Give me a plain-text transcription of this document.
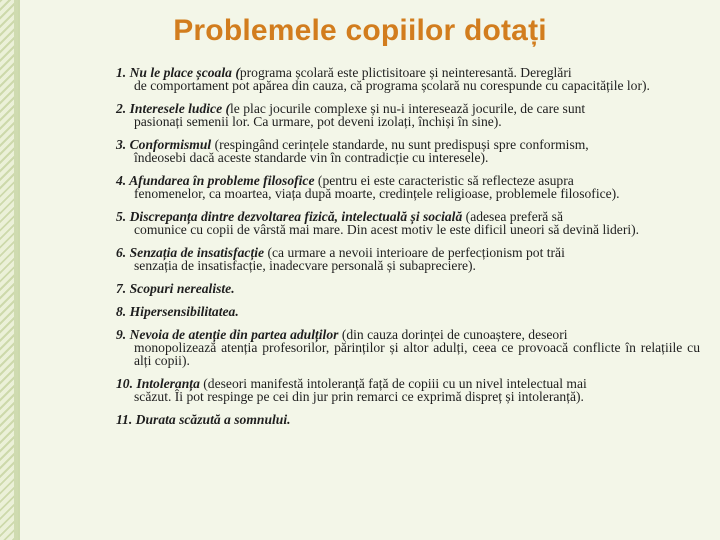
Problemele copiilor dotați
1. Nu le place școala (programa școlară este plictisitoare și neinteresantă. Dereglări
de comportament pot apărea din cauza, că programa școlară nu corespunde cu capacitățile lor).
2. Interesele ludice (le plac jocurile complexe și nu-i interesează jocurile, de care sunt
pasionați semenii lor. Ca urmare, pot deveni izolați, închiși în sine).
3. Conformismul (respingând cerințele standarde, nu sunt predispuși spre conformism,
îndeosebi dacă aceste standarde vin în contradicție cu interesele).
4. Afundarea în probleme filosofice (pentru ei este caracteristic să reflecteze asupra
fenomenelor, ca moartea, viața după moarte, credințele religioase, problemele filosofice).
5. Discrepanța dintre dezvoltarea fizică, intelectuală și socială (adesea preferă să
comunice cu copii de vârstă mai mare. Din acest motiv le este dificil uneori să devină lideri).
6. Senzația de insatisfacție (ca urmare a nevoii interioare de perfecționism pot trăi
senzația de insatisfacție, inadecvare personală și subapreciere).
7. Scopuri nerealiste.
8. Hipersensibilitatea.
9. Nevoia de atenție din partea adulților (din cauza dorinței de cunoaștere, deseori
monopolizează atenția profesorilor, părinților și altor adulți, ceea ce provoacă conflicte în relațiile cu alți copii).
10. Intoleranța (deseori manifestă intoleranță față de copiii cu un nivel intelectual mai
scăzut. Îi pot respinge pe cei din jur prin remarci ce exprimă dispreț și intoleranță).
11. Durata scăzută a somnului.
